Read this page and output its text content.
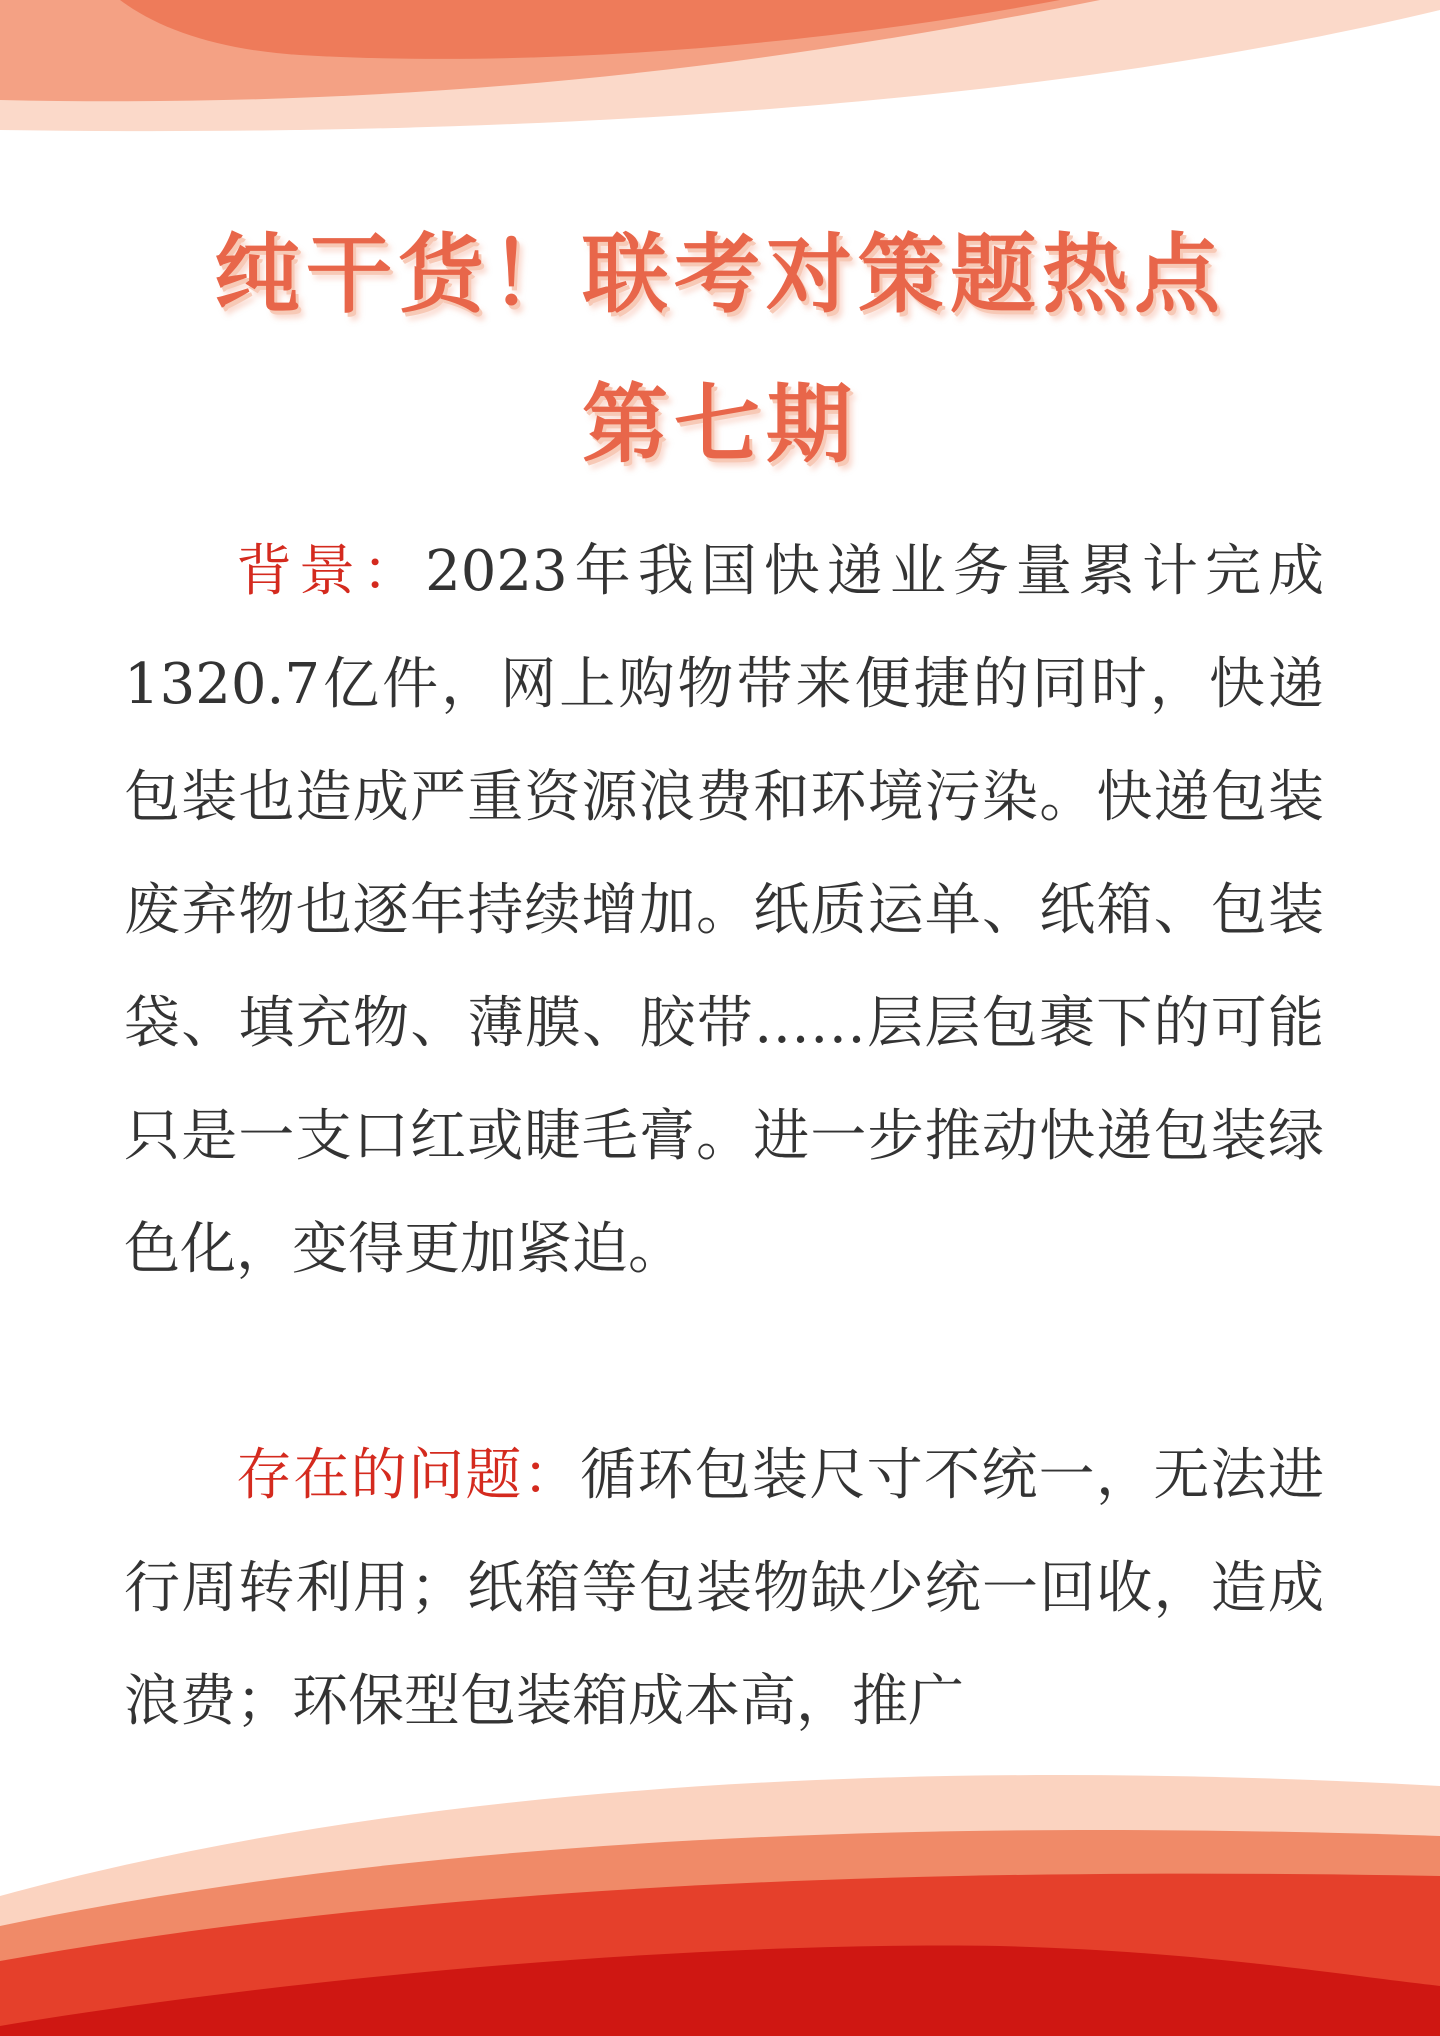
纯干货！联考对策题热点
第七期

背景：2023年我国快递业务量累计完成1320.7亿件，网上购物带来便捷的同时，快递包装也造成严重资源浪费和环境污染。快递包装废弃物也逐年持续增加。纸质运单、纸箱、包装袋、填充物、薄膜、胶带……层层包裹下的可能只是一支口红或睫毛膏。进一步推动快递包装绿色化，变得更加紧迫。

存在的问题：循环包装尺寸不统一，无法进行周转利用；纸箱等包装物缺少统一回收，造成浪费；环保型包装箱成本高，推广
